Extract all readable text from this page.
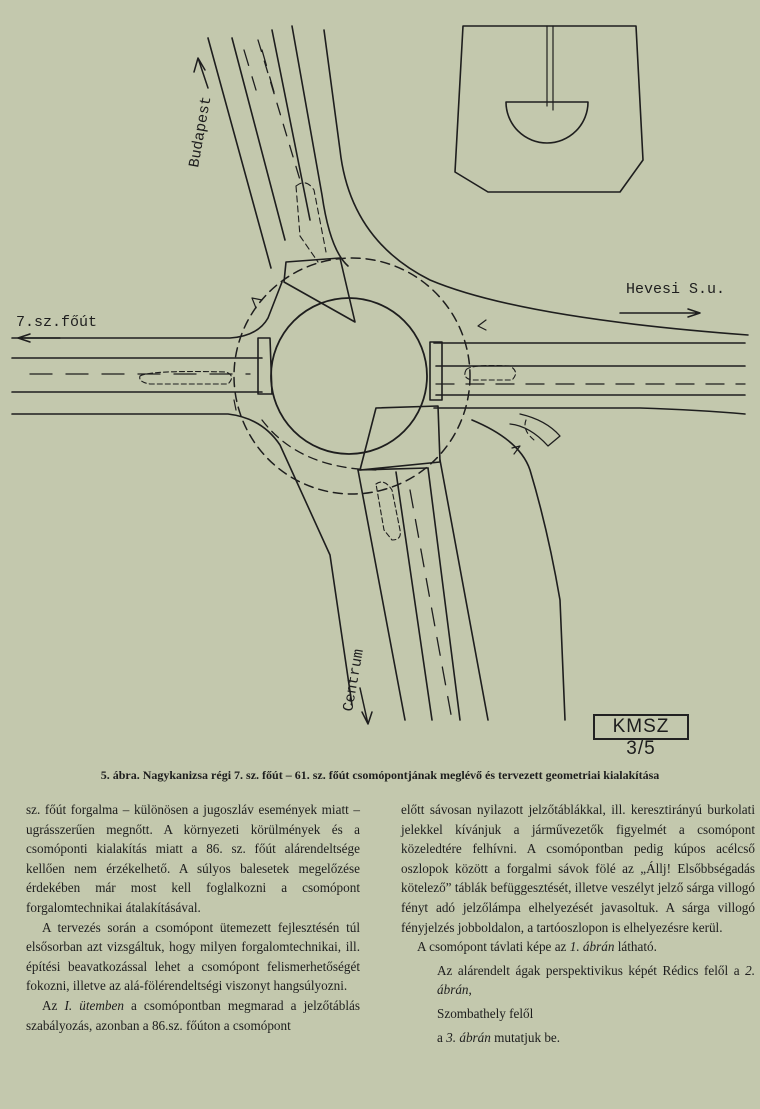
Budapest
Hevesi S.u.
7.sz.főút
Centrum
KMSZ 3/5
5. ábra. Nagykanizsa régi 7. sz. főút – 61. sz. főút csomópontjának meglévő és tervezett geometriai kialakítása

sz. főút forgalma – különösen a jugoszláv események miatt – ugrásszerűen megnőtt. A környezeti körülmények és a csomóponti kialakítás miatt a 86. sz. főút alárendeltsége kellően nem érzékelhető. A súlyos balesetek megelőzése érdekében már most kell foglalkozni a csomópont forgalomtechnikai átalakításával.

A tervezés során a csomópont ütemezett fejlesztésén túl elsősorban azt vizsgáltuk, hogy milyen forgalomtechnikai, ill. építési beavatkozással lehet a csomópont felismerhetőségét fokozni, illetve az alá-fölérendeltségi viszonyt hangsúlyozni.

Az I. ütemben a csomópontban megmarad a jelzőtáblás szabályozás, azonban a 86.sz. főúton a csomópont

előtt sávosan nyilazott jelzőtáblákkal, ill. keresztirányú burkolati jelekkel kívánjuk a járművezetők figyelmét a csomópont közeledtére felhívni. A csomópontban pedig kúpos acélcső oszlopok között a forgalmi sávok fölé az „Állj! Elsőbbségadás kötelező” táblák befüggesztését, illetve veszélyt jelző sárga villogó fényt adó jelzőlámpa elhelyezését javasoltuk. A sárga villogó fényjelzés jobboldalon, a tartóoszlopon is elhelyezésre kerül.

A csomópont távlati képe az 1. ábrán látható.

Az alárendelt ágak perspektivikus képét Rédics felől a 2. ábrán,

Szombathely felől

a 3. ábrán mutatjuk be.
